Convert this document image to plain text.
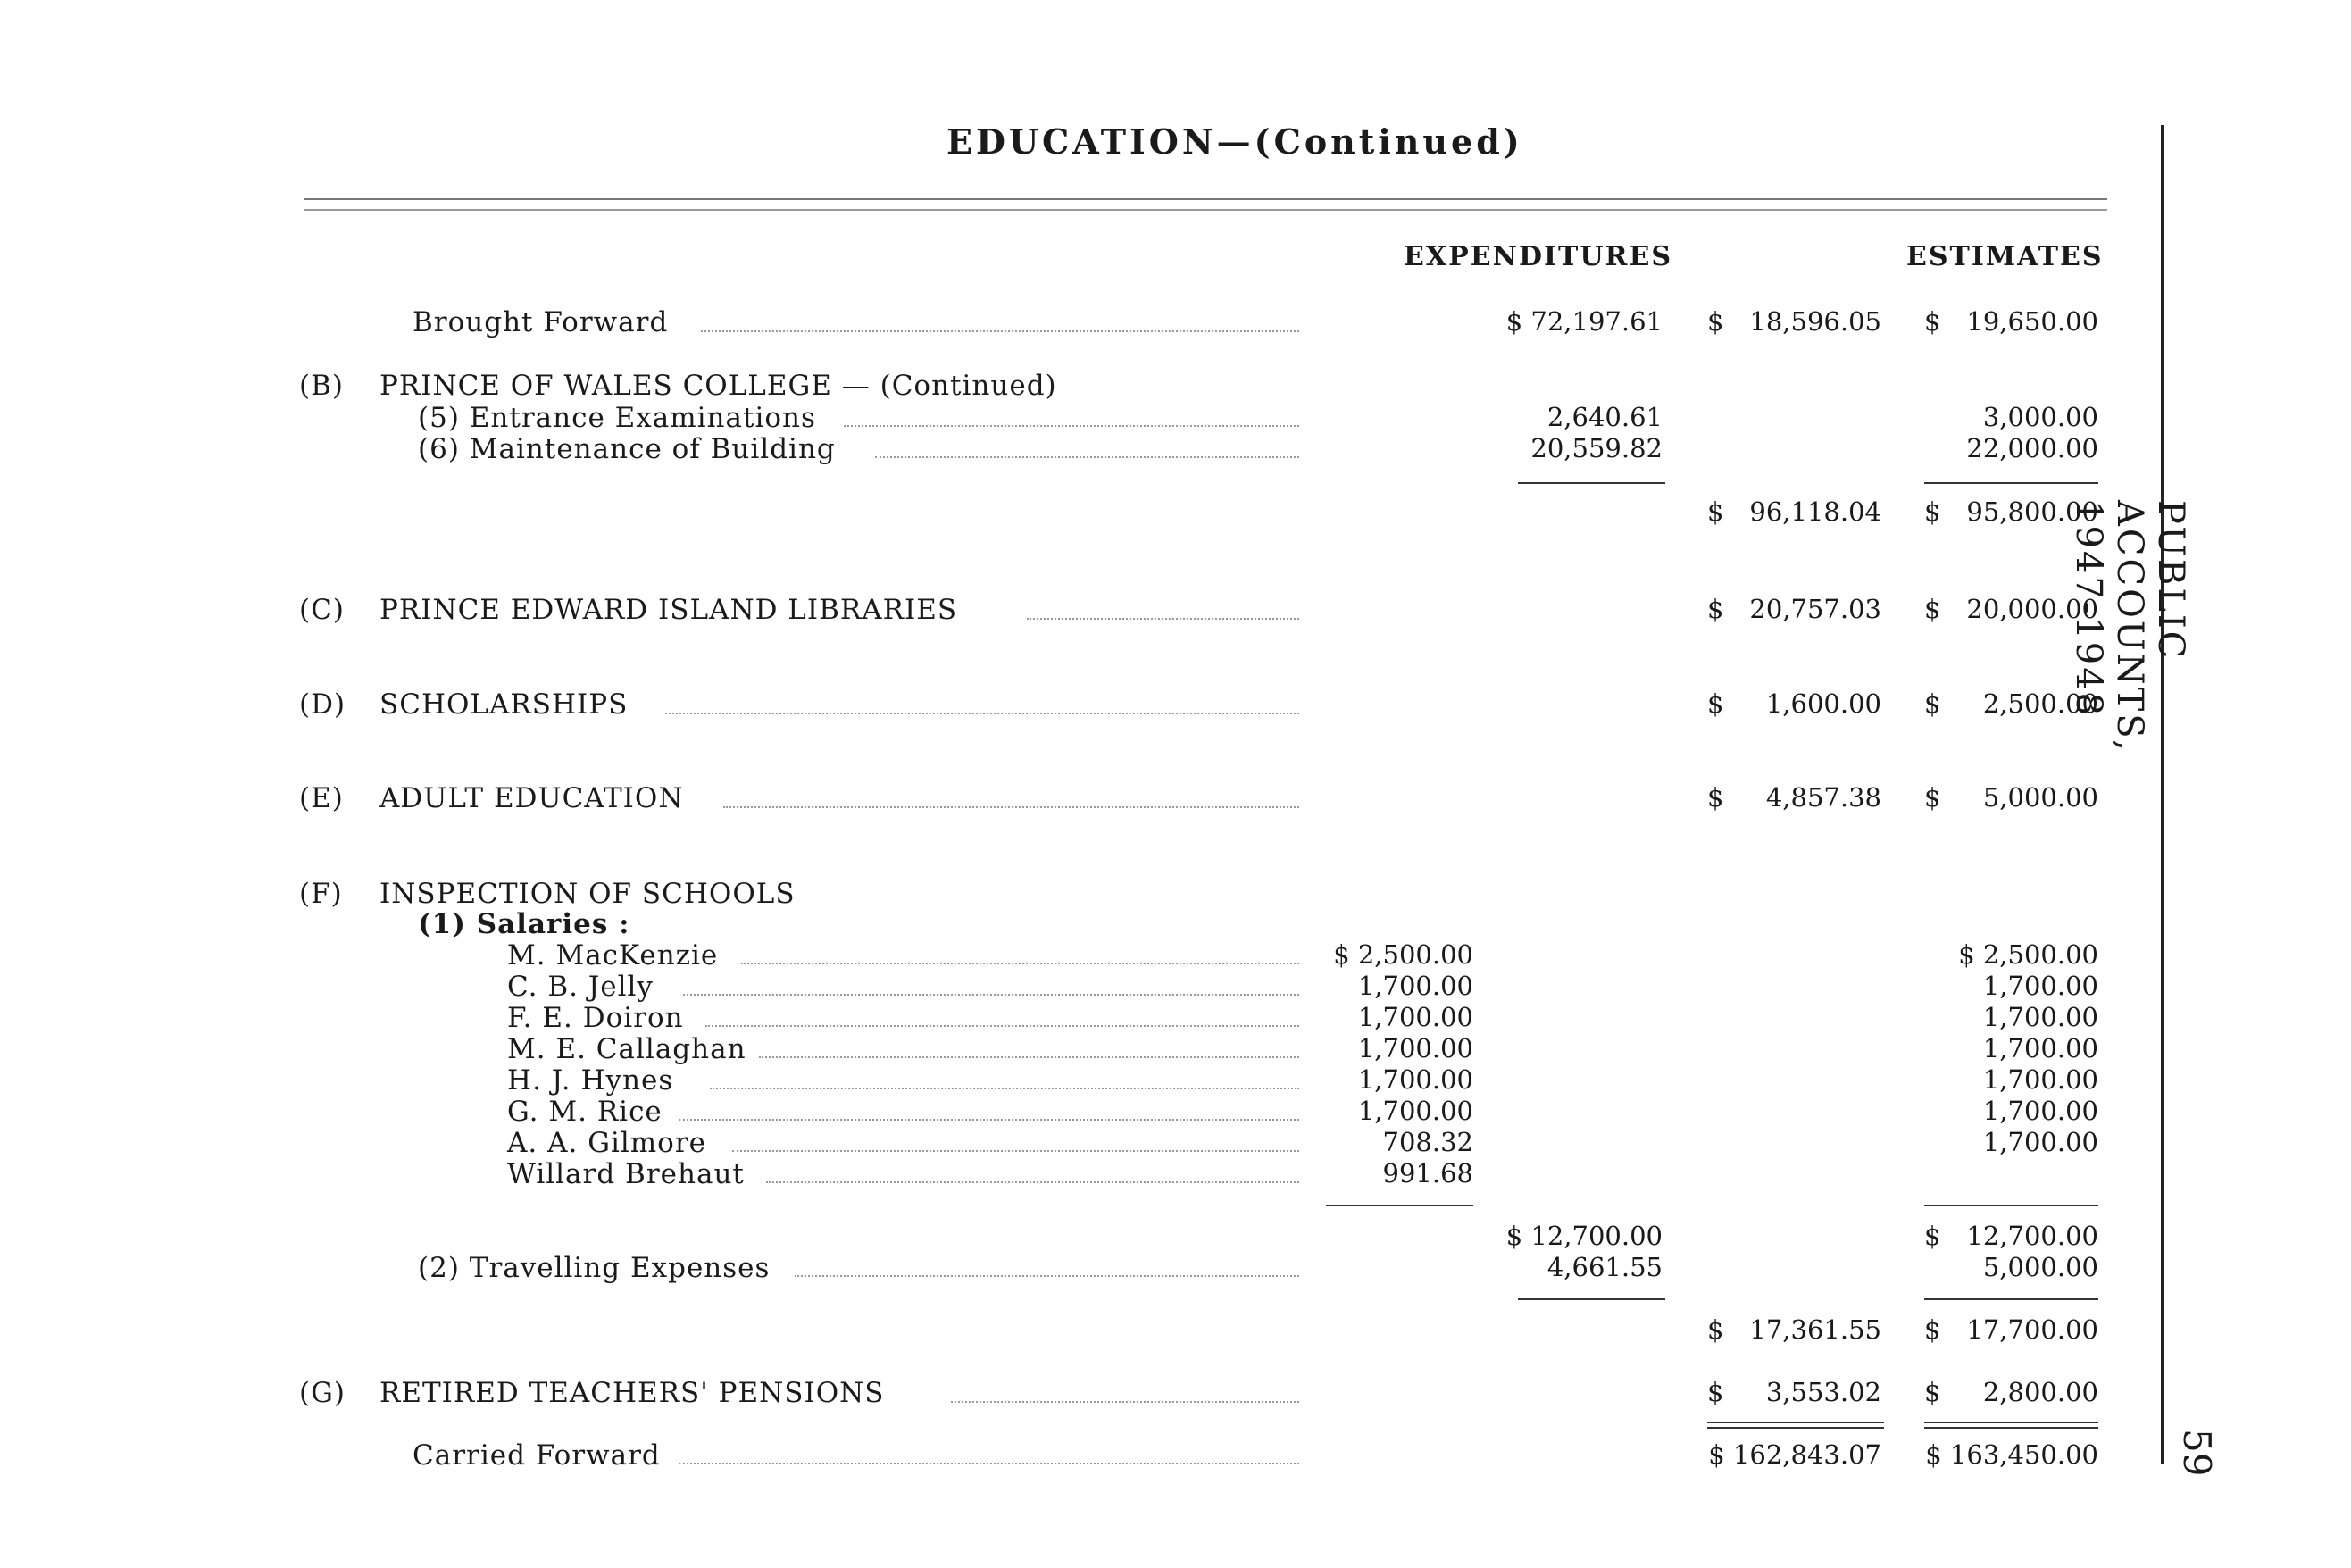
EDUCATION—(Continued)
EXPENDITURES	ESTIMATES
Brought Forward	$ 72,197.61 $ 18,596.05 $ 19,650.00
(B) PRINCE OF WALES COLLEGE — (Continued)
(5) Entrance Examinations	2,640.61	3,000.00
(6) Maintenance of Building	20,559.82	22,000.00
$ 96,118.04 $ 95,800.00
(C) PRINCE EDWARD ISLAND LIBRARIES	$ 20,757.03 $ 20,000.00
(D) SCHOLARSHIPS	$	1,600.00 $	2,500.00
(E) ADULT EDUCATION	$	4,857.38 $	5,000.00
(F) INSPECTION OF SCHOOLS
(1) Salaries :
M. MacKenzie	$ 2,500.00	$ 2,500.00
C. B. Jelly	1,700.00	1,700.00
F. E. Doiron	1,700.00	1,700.00
M. E. Callaghan	1,700.00	1,700.00
H. J. Hynes	1,700.00	1,700.00
G. M. Rice	1,700.00	1,700.00
A. A. Gilmore	708.32	1,700.00
Willard Brehaut	991.68
$ 12,700.00	$ 12,700.00
(2) Travelling Expenses	4,661.55	5,000.00
$ 17,361.55 $ 17,700.00
(G) RETIRED TEACHERS' PENSIONS	$	3,553.02 $	2,800.00
Carried Forward	$ 162,843.07	$ 163,450.00
PUBLIC ACCOUNTS, 1947-1948
59
